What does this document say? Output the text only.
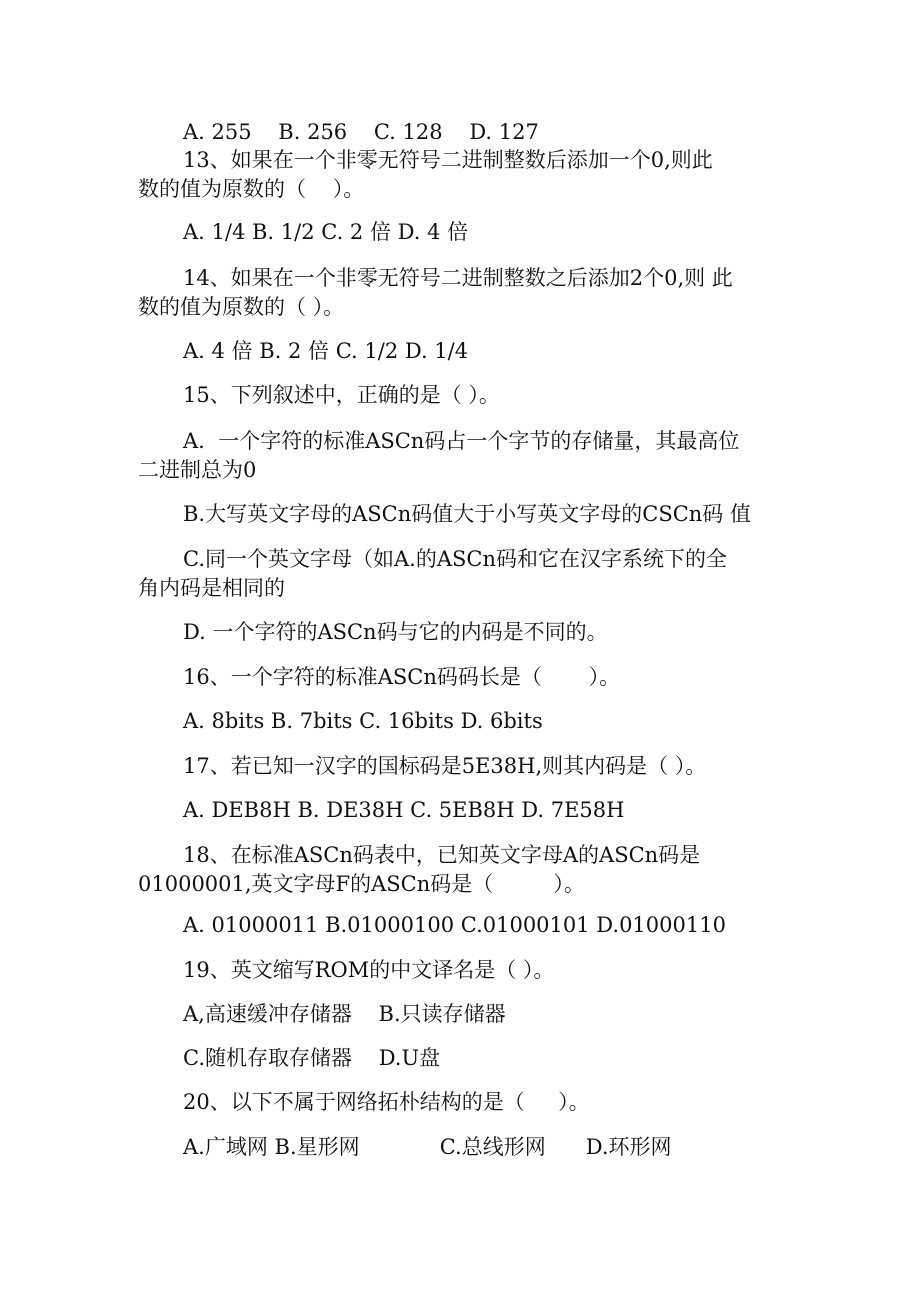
A. 255    B. 256    C. 128    D. 127
13、如果在一个非零无符号二进制整数后添加一个0,则此
数的值为原数的（    ）。
A. 1/4 B. 1/2 C. 2 倍 D. 4 倍
14、如果在一个非零无符号二进制整数之后添加2个0,则 此
数的值为原数的（ ）。
A. 4 倍 B. 2 倍 C. 1/2 D. 1/4
15、下列叙述中，正确的是（ ）。
A.  一个字符的标准ASCn码占一个字节的存储量，其最高位
二进制总为0
B.大写英文字母的ASCn码值大于小写英文字母的CSCn码 值
C.同一个英文字母（如A.的ASCn码和它在汉字系统下的全
角内码是相同的
D. 一个字符的ASCn码与它的内码是不同的。
16、一个字符的标准ASCn码码长是（       ）。
A. 8bits B. 7bits C. 16bits D. 6bits
17、若已知一汉字的国标码是5E38H,则其内码是（ ）。
A. DEB8H B. DE38H C. 5EB8H D. 7E58H
18、在标准ASCn码表中，已知英文字母A的ASCn码是
01000001,英文字母F的ASCn码是（         ）。
A. 01000011 B.01000100 C.01000101 D.01000110
19、英文缩写ROM的中文译名是（ ）。
A,高速缓冲存储器    B.只读存储器
C.随机存取存储器    D.U盘
20、以下不属于网络拓朴结构的是（     ）。
A.广域网 B.星形网            C.总线形网      D.环形网
